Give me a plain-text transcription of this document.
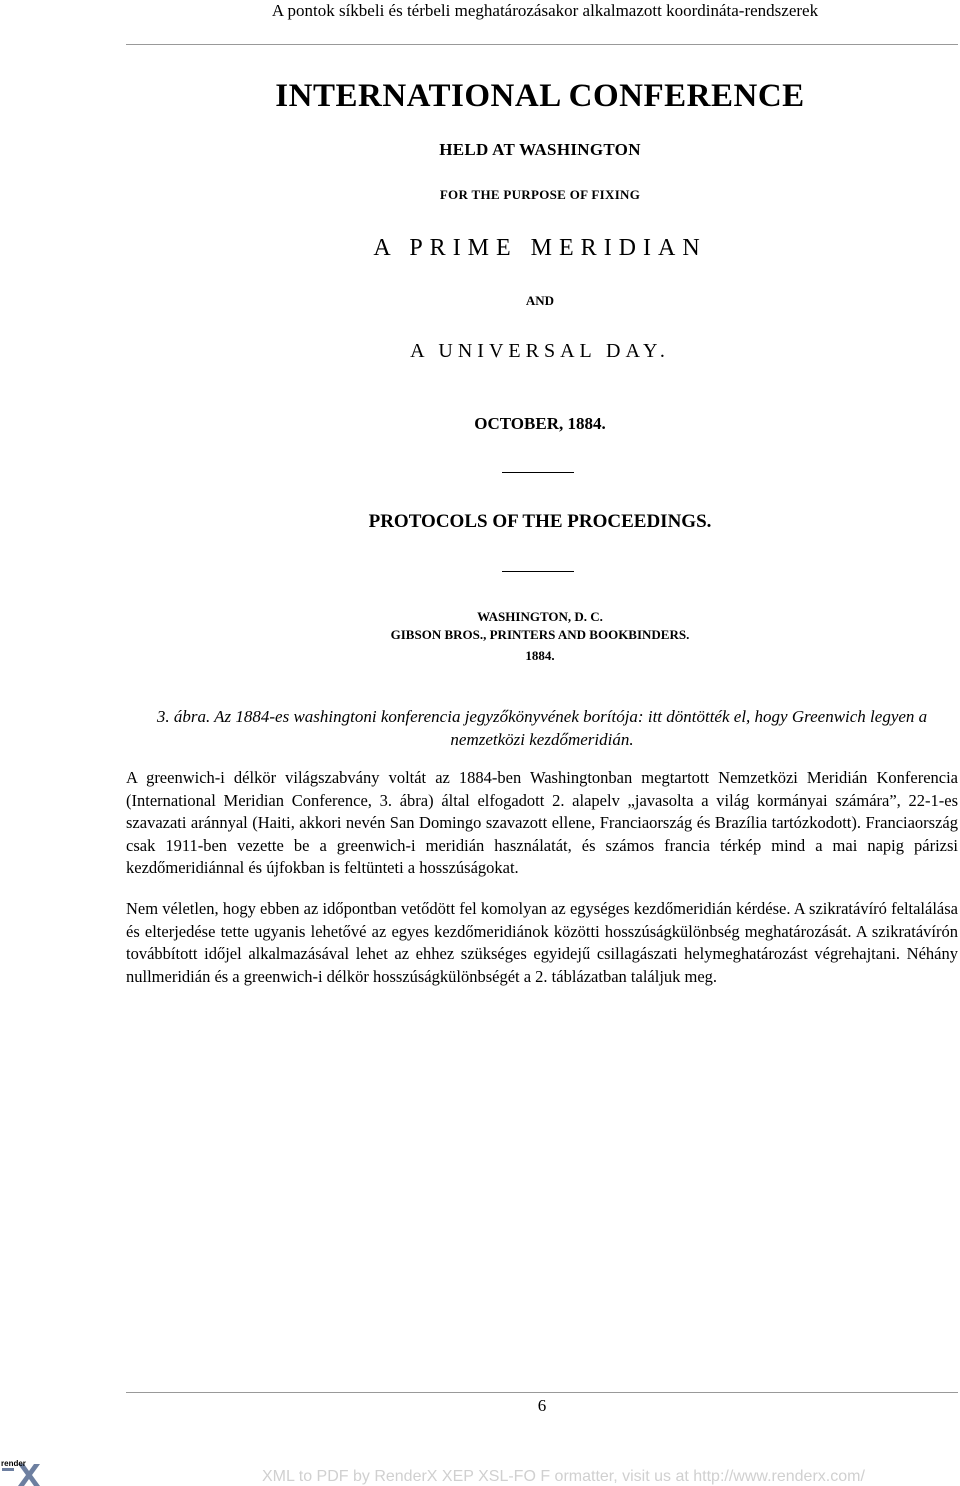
A pontok síkbeli és térbeli meghatározásakor alkalmazott koordináta-rendszerek
INTERNATIONAL CONFERENCE
HELD AT WASHINGTON
FOR THE PURPOSE OF FIXING
A PRIME MERIDIAN
AND
A UNIVERSAL DAY.
OCTOBER, 1884.
PROTOCOLS OF THE PROCEEDINGS.
WASHINGTON, D. C.
GIBSON BROS., PRINTERS AND BOOKBINDERS.
1884.
3. ábra. Az 1884-es washingtoni konferencia jegyzőkönyvének borítója: itt döntötték el, hogy Greenwich legyen a nemzetközi kezdőmeridián.
A greenwich-i délkör világszabvány voltát az 1884-ben Washingtonban megtartott Nemzetközi Meridián Konferencia (International Meridian Conference, 3. ábra) által elfogadott 2. alapelv „javasolta a világ kormányai számára”, 22-1-es szavazati aránnyal (Haiti, akkori nevén San Domingo szavazott ellene, Franciaország és Brazília tartózkodott). Franciaország csak 1911-ben vezette be a greenwich-i meridián használatát, és számos francia térkép mind a mai napig párizsi kezdőmeridiánnal és újfokban is feltünteti a hosszúságokat.
Nem véletlen, hogy ebben az időpontban vetődött fel komolyan az egységes kezdőmeridián kérdése. A szikratávíró feltalálása és elterjedése tette ugyanis lehetővé az egyes kezdőmeridiánok közötti hosszúságkülönbség meghatározását. A szikratávírón továbbított időjel alkalmazásával lehet az ehhez szükséges egyidejű csillagászati helymeghatározást végrehajtani. Néhány nullmeridián és a greenwich-i délkör hosszúságkülönbségét a 2. táblázatban találjuk meg.
6
render
XML to PDF by RenderX XEP XSL-FO F ormatter, visit us at http://www.renderx.com/
